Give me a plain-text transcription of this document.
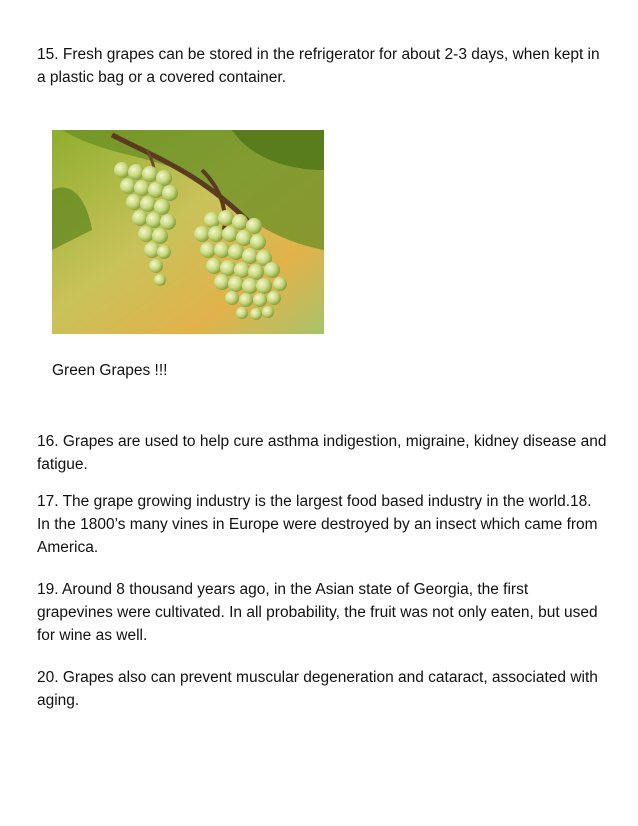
15. Fresh grapes can be stored in the refrigerator for about 2-3 days, when kept in a plastic bag or a covered container.

Green Grapes !!!

16. Grapes are used to help cure asthma indigestion, migraine, kidney disease and fatigue.

17. The grape growing industry is the largest food based industry in the world.18. In the 1800’s many vines in Europe were destroyed by an insect which came from America.

19. Around 8 thousand years ago, in the Asian state of Georgia, the first grapevines were cultivated. In all probability, the fruit was not only eaten, but used for wine as well.

20. Grapes also can prevent muscular degeneration and cataract, associated with aging.
